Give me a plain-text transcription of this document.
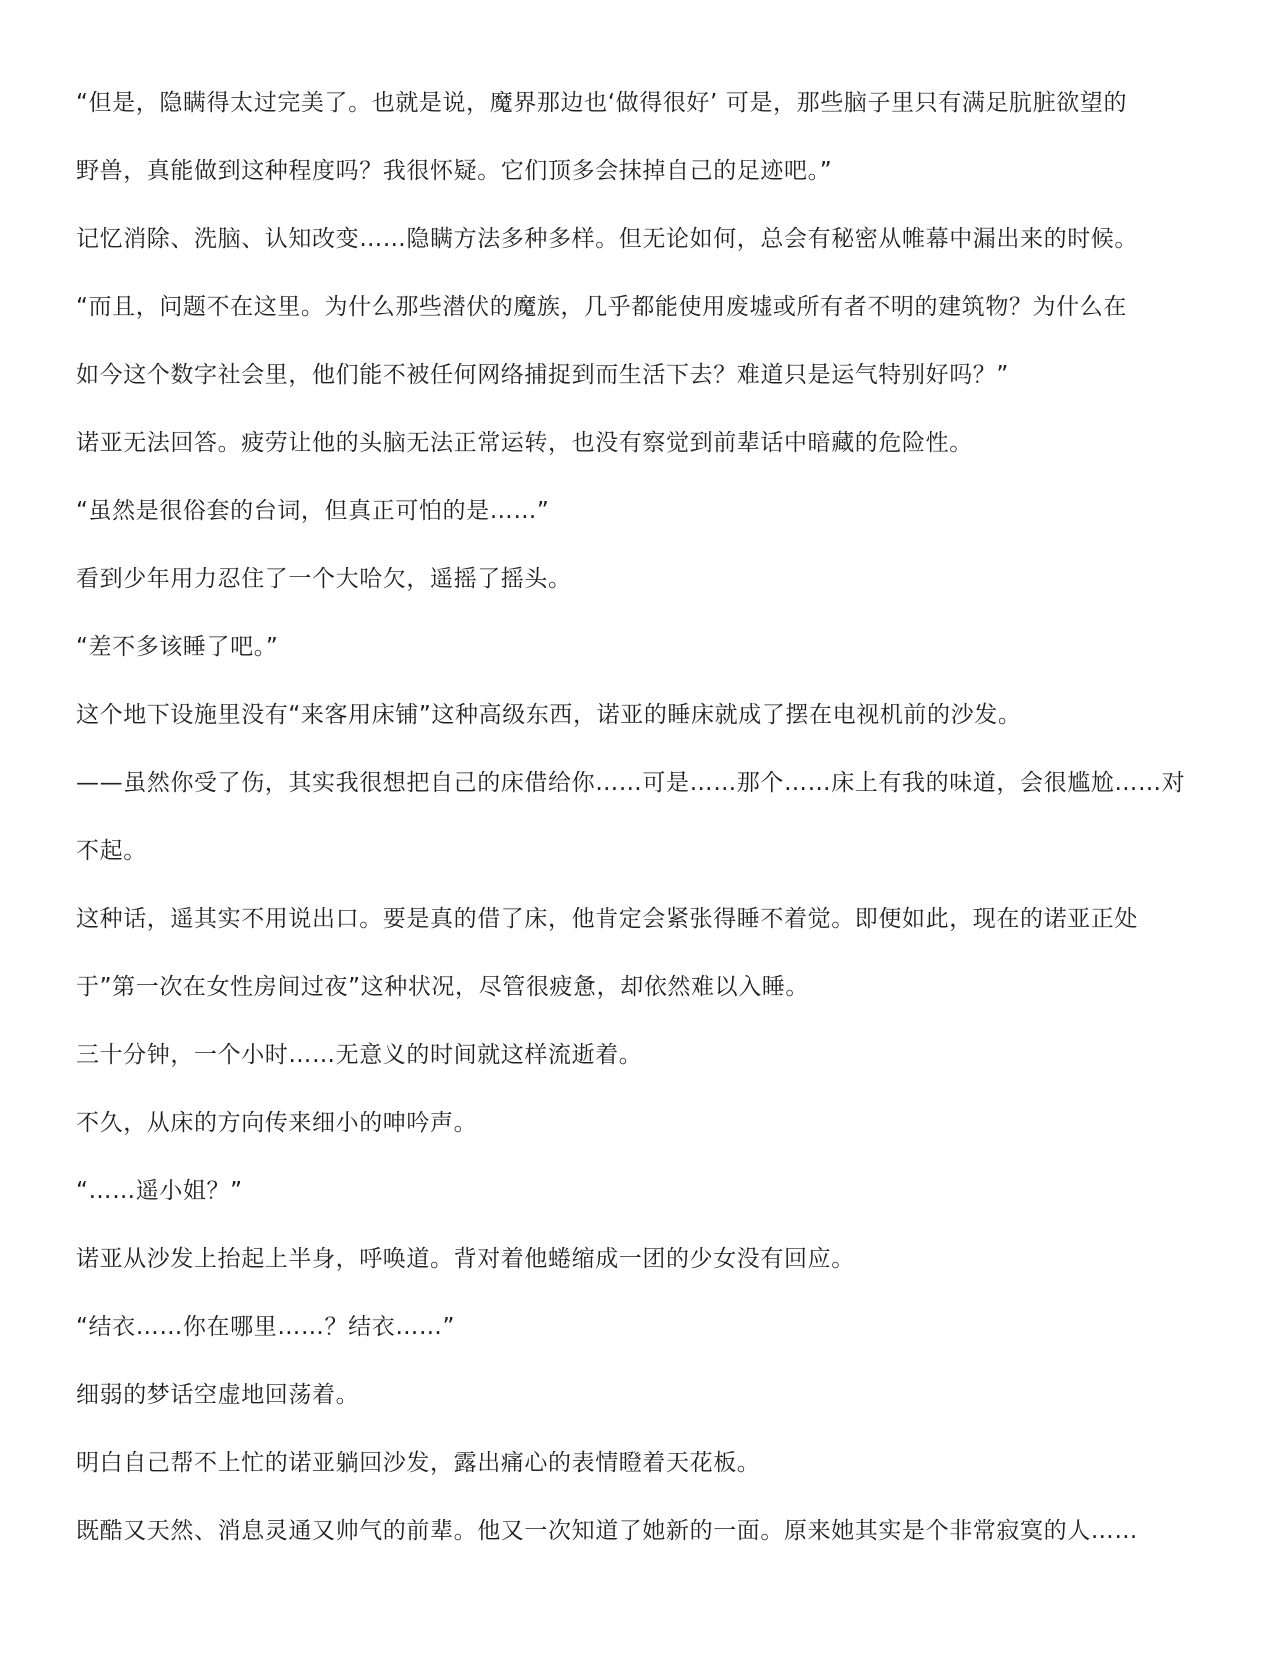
“但是，隐瞒得太过完美了。也就是说，魔界那边也‘做得很好’ 可是，那些脑子里只有满足肮脏欲望的
野兽，真能做到这种程度吗？我很怀疑。它们顶多会抹掉自己的足迹吧。”
记忆消除、洗脑、认知改变……隐瞒方法多种多样。但无论如何，总会有秘密从帷幕中漏出来的时候。
“而且，问题不在这里。为什么那些潜伏的魔族，几乎都能使用废墟或所有者不明的建筑物？为什么在
如今这个数字社会里，他们能不被任何网络捕捉到而生活下去？难道只是运气特别好吗？”
诺亚无法回答。疲劳让他的头脑无法正常运转，也没有察觉到前辈话中暗藏的危险性。
“虽然是很俗套的台词，但真正可怕的是……”
看到少年用力忍住了一个大哈欠，遥摇了摇头。
“差不多该睡了吧。”
这个地下设施里没有“来客用床铺”这种高级东西，诺亚的睡床就成了摆在电视机前的沙发。
——虽然你受了伤，其实我很想把自己的床借给你……可是……那个……床上有我的味道，会很尴尬……对
不起。
这种话，遥其实不用说出口。要是真的借了床，他肯定会紧张得睡不着觉。即便如此，现在的诺亚正处
于”第一次在女性房间过夜”这种状况，尽管很疲惫，却依然难以入睡。
三十分钟，一个小时……无意义的时间就这样流逝着。
不久，从床的方向传来细小的呻吟声。
“……遥小姐？”
诺亚从沙发上抬起上半身，呼唤道。背对着他蜷缩成一团的少女没有回应。
“结衣……你在哪里……？结衣……”
细弱的梦话空虚地回荡着。
明白自己帮不上忙的诺亚躺回沙发，露出痛心的表情瞪着天花板。
既酷又天然、消息灵通又帅气的前辈。他又一次知道了她新的一面。原来她其实是个非常寂寞的人……
